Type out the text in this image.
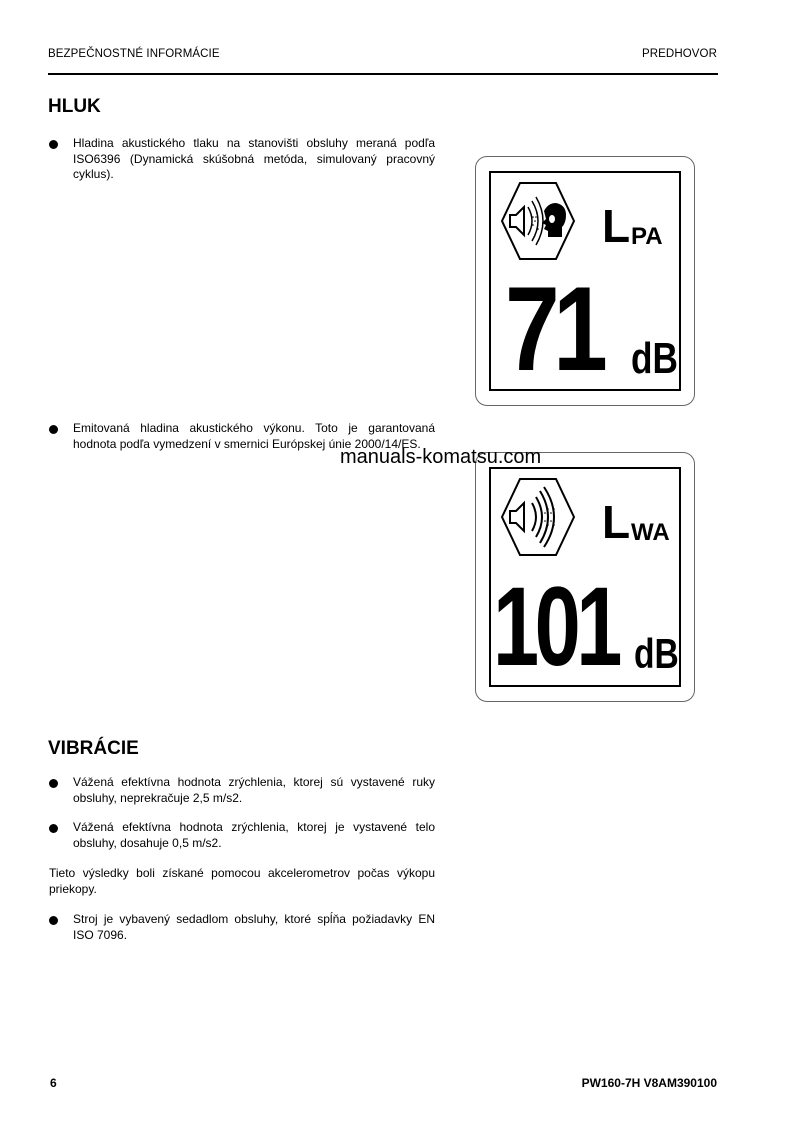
BEZPEČNOSTNÉ INFORMÁCIE	PREDHOVOR
HLUK
Hladina akustického tlaku na stanovišti obsluhy meraná podľa ISO6396 (Dynamická skúšobná metóda, simulovaný pracovný cyklus).
Emitovaná hladina akustického výkonu. Toto je garantovaná hodnota podľa vymedzení v smernici Európskej únie 2000/14/ES.
L PA
71 dB
L WA
101 dB
manuals-komatsu.com
VIBRÁCIE
Vážená efektívna hodnota zrýchlenia, ktorej sú vystavené ruky obsluhy, neprekračuje 2,5 m/s2.
Vážená efektívna hodnota zrýchlenia, ktorej je vystavené telo obsluhy, dosahuje 0,5 m/s2.
Tieto výsledky boli získané pomocou akcelerometrov počas výkopu priekopy.
Stroj je vybavený sedadlom obsluhy, ktoré spĺňa požiadavky EN ISO 7096.
6	PW160-7H V8AM390100
